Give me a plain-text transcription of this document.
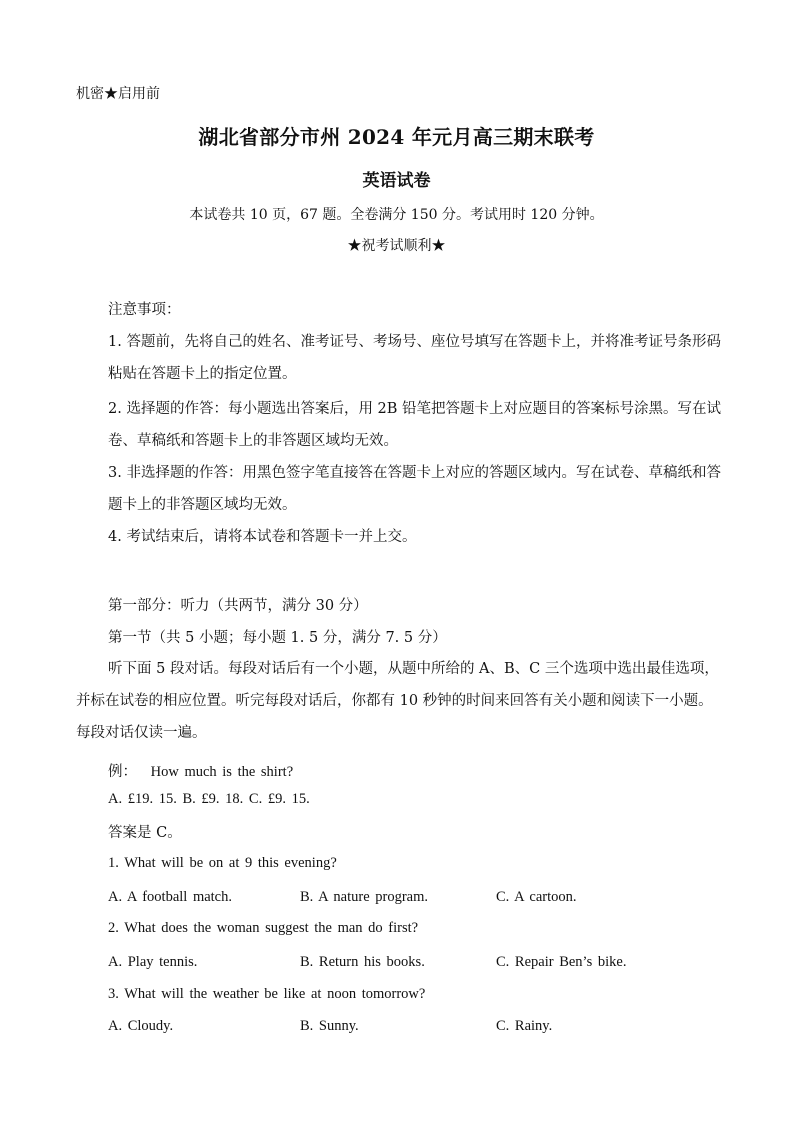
机密★启用前
湖北省部分市州 2024 年元月高三期末联考
英语试卷
本试卷共 10 页，67 题。全卷满分 150 分。考试用时 120 分钟。
★祝考试顺利★
注意事项：
1. 答题前，先将自己的姓名、准考证号、考场号、座位号填写在答题卡上，并将准考证号条形码粘贴在答题卡上的指定位置。
2. 选择题的作答：每小题选出答案后，用 2B 铅笔把答题卡上对应题目的答案标号涂黑。写在试卷、草稿纸和答题卡上的非答题区域均无效。
3. 非选择题的作答：用黑色签字笔直接答在答题卡上对应的答题区域内。写在试卷、草稿纸和答题卡上的非答题区域均无效。
4. 考试结束后，请将本试卷和答题卡一并上交。
第一部分：听力（共两节，满分 30 分）
第一节（共 5 小题；每小题 1. 5 分，满分 7. 5 分）
听下面 5 段对话。每段对话后有一个小题，从题中所给的 A、B、C 三个选项中选出最佳选项，并标在试卷的相应位置。听完每段对话后，你都有 10 秒钟的时间来回答有关小题和阅读下一小题。每段对话仅读一遍。
例： How much is the shirt?
A. £19. 15. B. £9. 18. C. £9. 15.
答案是 C。
1. What will be on at 9 this evening?
A. A football match.	B. A nature program.	C. A cartoon.
2. What does the woman suggest the man do first?
A. Play tennis.	B. Return his books.	C. Repair Ben’s bike.
3. What will the weather be like at noon tomorrow?
A. Cloudy.	B. Sunny.	C. Rainy.
